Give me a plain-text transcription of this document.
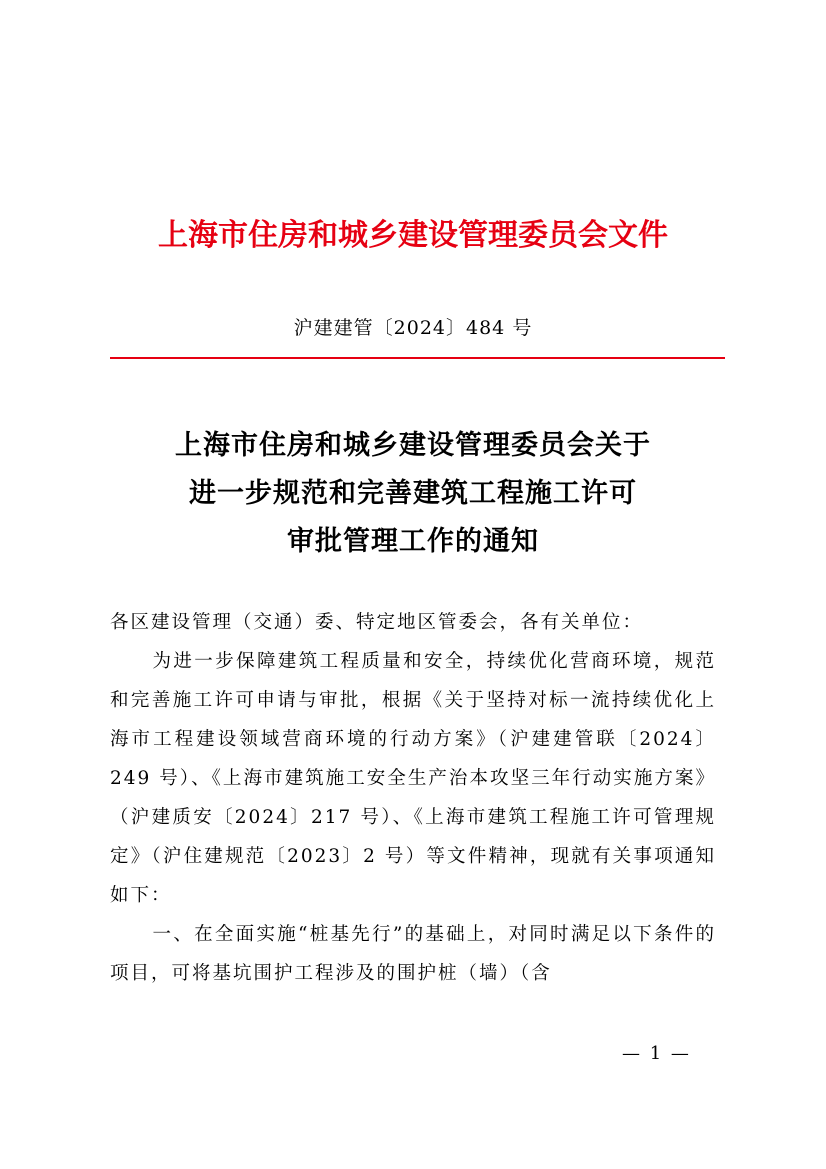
上海市住房和城乡建设管理委员会文件
沪建建管〔2024〕484 号
上海市住房和城乡建设管理委员会关于
进一步规范和完善建筑工程施工许可
审批管理工作的通知

各区建设管理（交通）委、特定地区管委会，各有关单位：

为进一步保障建筑工程质量和安全，持续优化营商环境，规范和完善施工许可申请与审批，根据《关于坚持对标一流持续优化上海市工程建设领域营商环境的行动方案》（沪建建管联〔2024〕249 号）、《上海市建筑施工安全生产治本攻坚三年行动实施方案》（沪建质安〔2024〕217 号）、《上海市建筑工程施工许可管理规定》（沪住建规范〔2023〕2 号）等文件精神，现就有关事项通知如下：

一、在全面实施“桩基先行”的基础上，对同时满足以下条件的项目，可将基坑围护工程涉及的围护桩（墙）（含

— 1 —
